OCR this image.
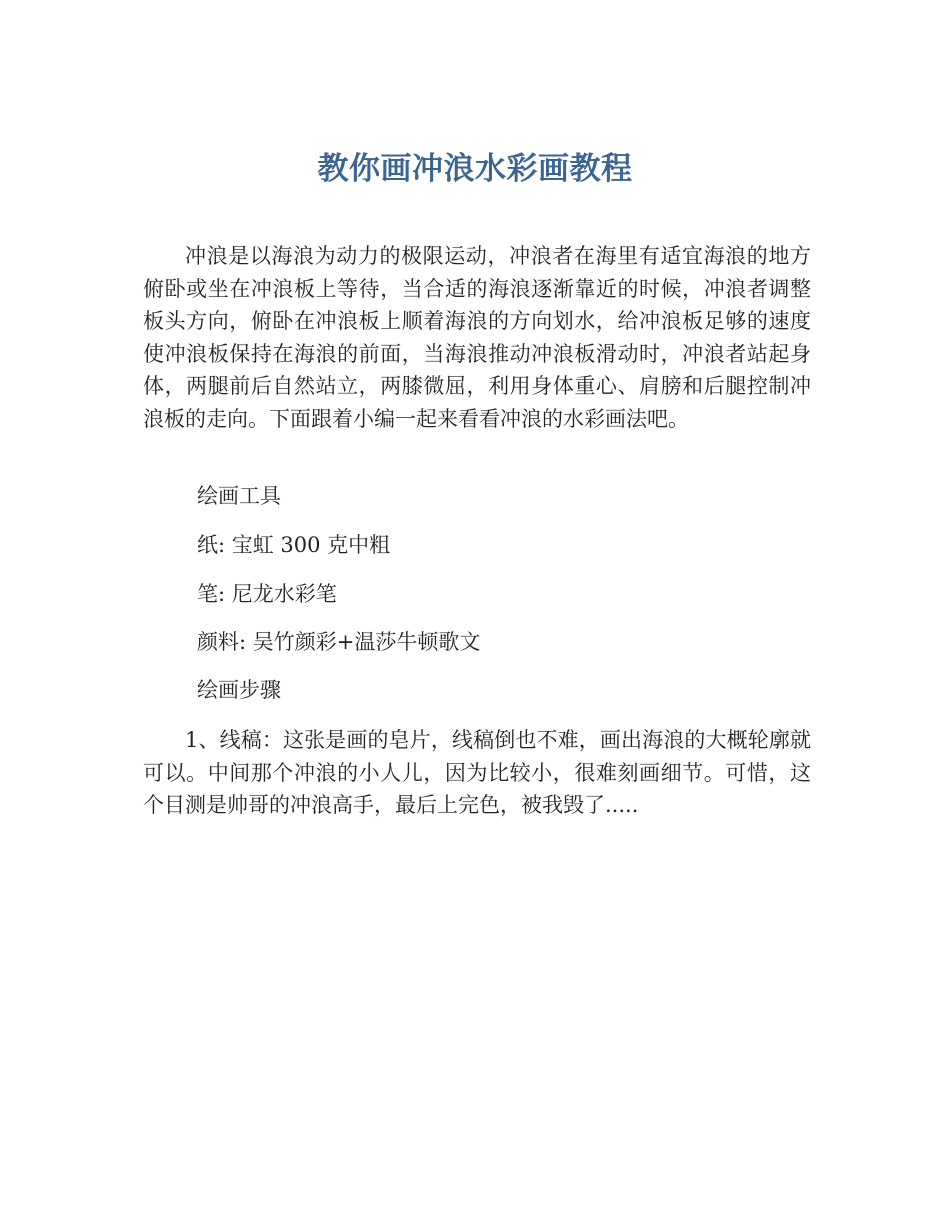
教你画冲浪水彩画教程

冲浪是以海浪为动力的极限运动，冲浪者在海里有适宜海浪的地方俯卧或坐在冲浪板上等待，当合适的海浪逐渐靠近的时候，冲浪者调整板头方向，俯卧在冲浪板上顺着海浪的方向划水，给冲浪板足够的速度使冲浪板保持在海浪的前面，当海浪推动冲浪板滑动时，冲浪者站起身体，两腿前后自然站立，两膝微屈，利用身体重心、肩膀和后腿控制冲浪板的走向。下面跟着小编一起来看看冲浪的水彩画法吧。

绘画工具

纸: 宝虹 300 克中粗

笔: 尼龙水彩笔

颜料: 吴竹颜彩+温莎牛顿歌文

绘画步骤

1、线稿：这张是画的皂片，线稿倒也不难，画出海浪的大概轮廓就可以。中间那个冲浪的小人儿，因为比较小，很难刻画细节。可惜，这个目测是帅哥的冲浪高手，最后上完色，被我毁了.....
